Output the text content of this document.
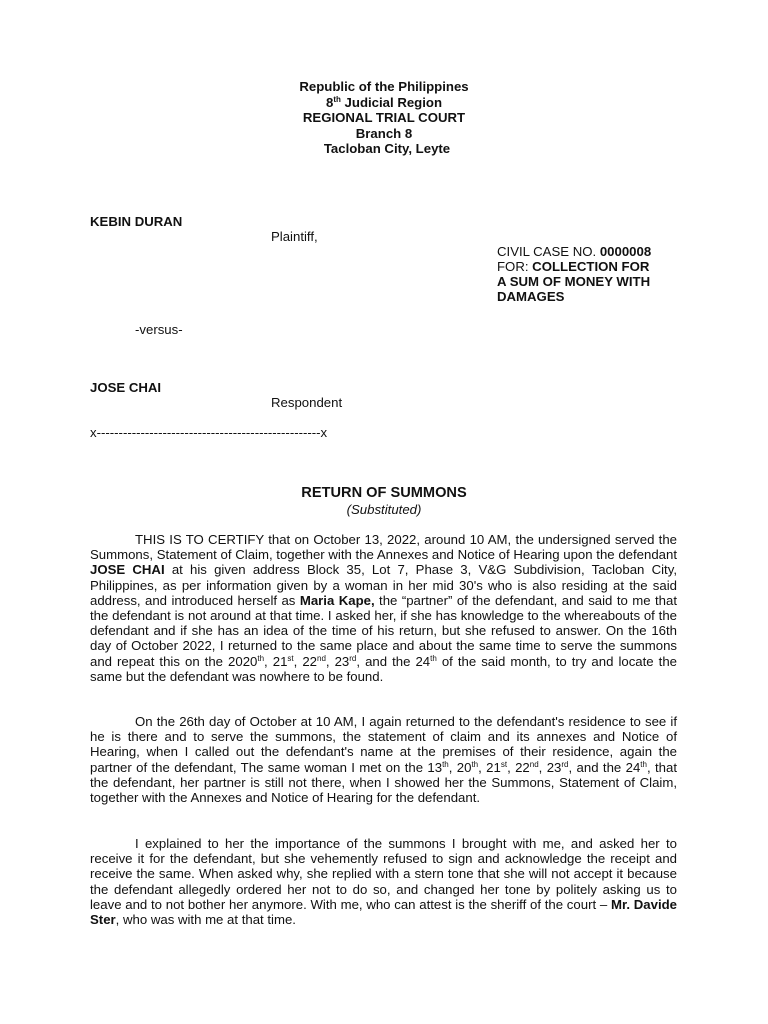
Republic of the Philippines
8th Judicial Region
REGIONAL TRIAL COURT
Branch 8
Tacloban City, Leyte
KEBIN DURAN
Plaintiff,
CIVIL CASE NO. 0000008
FOR: COLLECTION FOR
A SUM OF MONEY WITH
DAMAGES
-versus-
JOSE CHAI
Respondent
x---------------------------------------------------x
RETURN OF SUMMONS
(Substituted)

THIS IS TO CERTIFY that on October 13, 2022, around 10 AM, the undersigned served the Summons, Statement of Claim, together with the Annexes and Notice of Hearing upon the defendant JOSE CHAI at his given address Block 35, Lot 7, Phase 3, V&G Subdivision, Tacloban City, Philippines, as per information given by a woman in her mid 30's who is also residing at the said address, and introduced herself as Maria Kape, the “partner” of the defendant, and said to me that the defendant is not around at that time. I asked her, if she has knowledge to the whereabouts of the defendant and if she has an idea of the time of his return, but she refused to answer. On the 16th day of October 2022, I returned to the same place and about the same time to serve the summons and repeat this on the 2020th, 21st, 22nd, 23rd, and the 24th of the said month, to try and locate the same but the defendant was nowhere to be found.

On the 26th day of October at 10 AM, I again returned to the defendant's residence to see if he is there and to serve the summons, the statement of claim and its annexes and Notice of Hearing, when I called out the defendant's name at the premises of their residence, again the partner of the defendant, The same woman I met on the 13th, 20th, 21st, 22nd, 23rd, and the 24th, that the defendant, her partner is still not there, when I showed her the Summons, Statement of Claim, together with the Annexes and Notice of Hearing for the defendant.

I explained to her the importance of the summons I brought with me, and asked her to receive it for the defendant, but she vehemently refused to sign and acknowledge the receipt and receive the same. When asked why, she replied with a stern tone that she will not accept it because the defendant allegedly ordered her not to do so, and changed her tone by politely asking us to leave and to not bother her anymore. With me, who can attest is the sheriff of the court – Mr. Davide Ster, who was with me at that time.
